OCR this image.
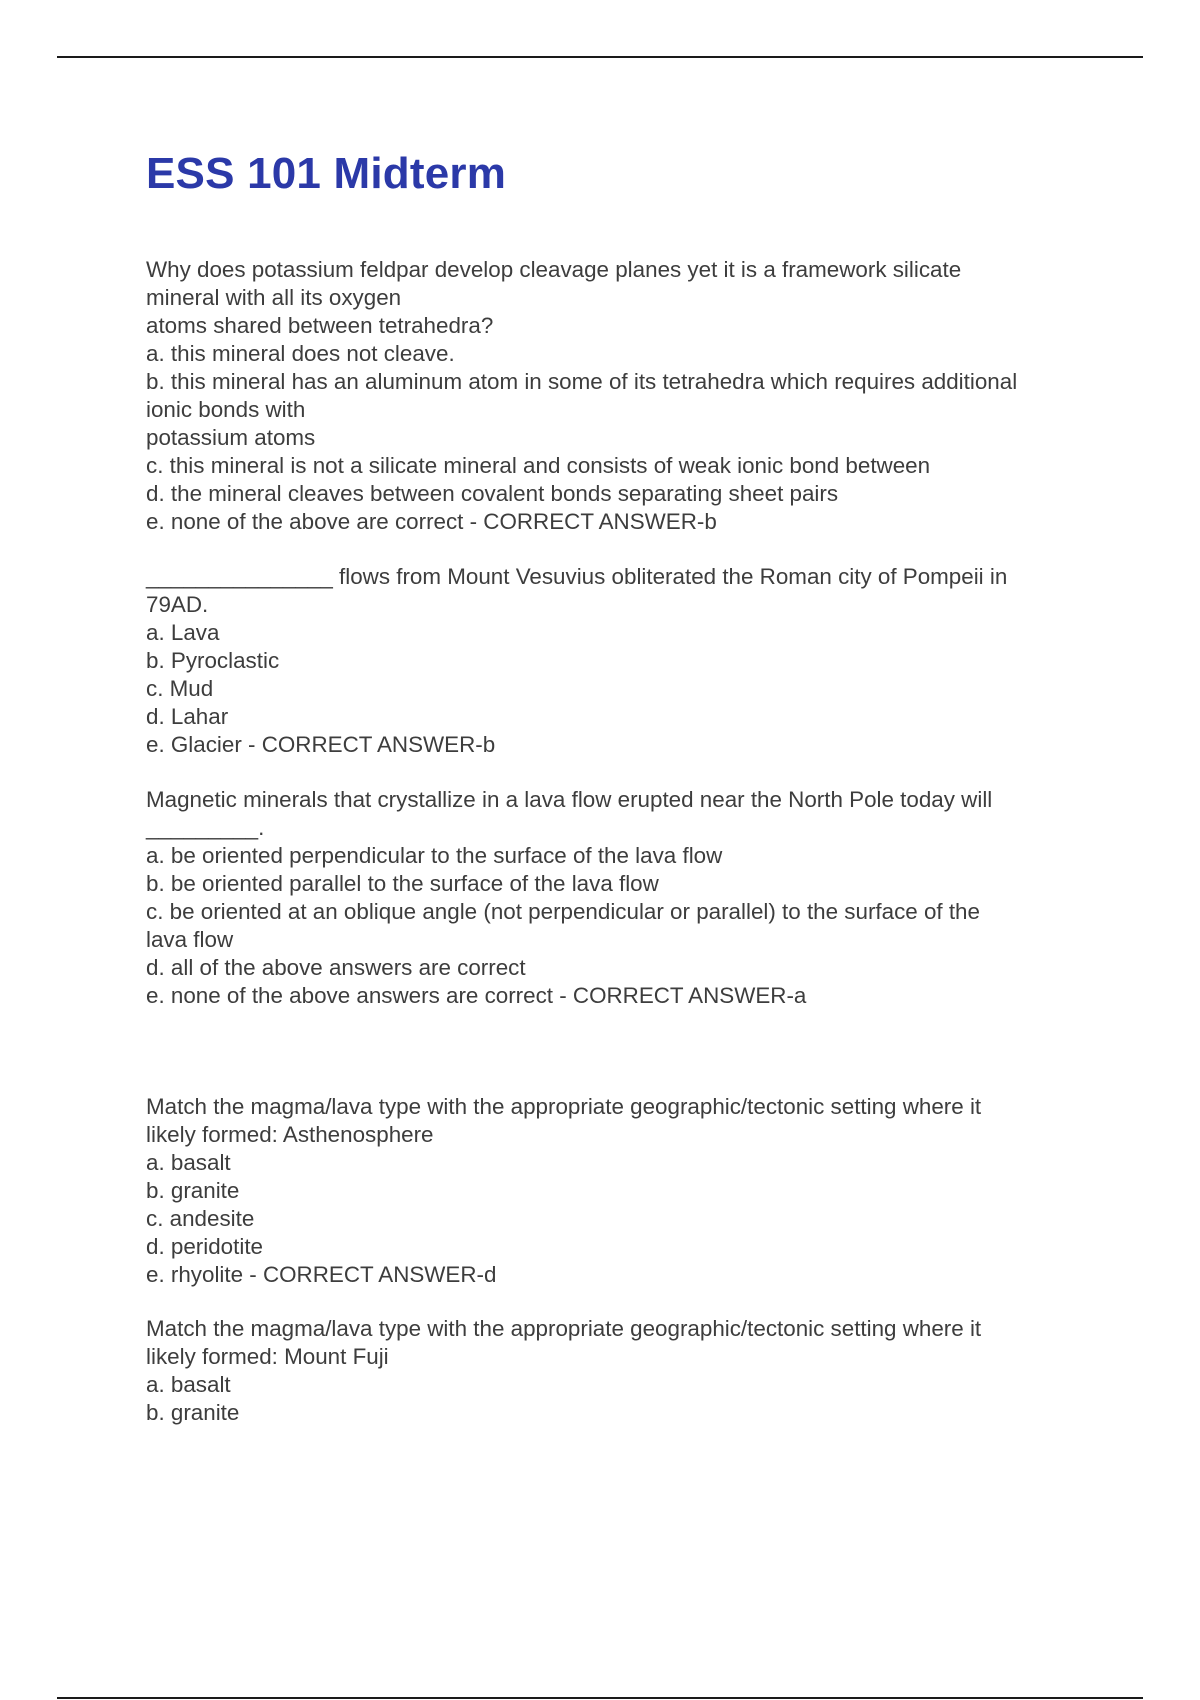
ESS 101 Midterm
Why does potassium feldpar develop cleavage planes yet it is a framework silicate
mineral with all its oxygen
atoms shared between tetrahedra?
a. this mineral does not cleave.
b. this mineral has an aluminum atom in some of its tetrahedra which requires additional
ionic bonds with
potassium atoms
c. this mineral is not a silicate mineral and consists of weak ionic bond between
d. the mineral cleaves between covalent bonds separating sheet pairs
e. none of the above are correct - CORRECT ANSWER-b
_______________ flows from Mount Vesuvius obliterated the Roman city of Pompeii in
79AD.
a. Lava
b. Pyroclastic
c. Mud
d. Lahar
e. Glacier - CORRECT ANSWER-b
Magnetic minerals that crystallize in a lava flow erupted near the North Pole today will
_________.
a. be oriented perpendicular to the surface of the lava flow
b. be oriented parallel to the surface of the lava flow
c. be oriented at an oblique angle (not perpendicular or parallel) to the surface of the
lava flow
d. all of the above answers are correct
e. none of the above answers are correct - CORRECT ANSWER-a
Match the magma/lava type with the appropriate geographic/tectonic setting where it
likely formed: Asthenosphere
a. basalt
b. granite
c. andesite
d. peridotite
e. rhyolite - CORRECT ANSWER-d
Match the magma/lava type with the appropriate geographic/tectonic setting where it
likely formed: Mount Fuji
a. basalt
b. granite
